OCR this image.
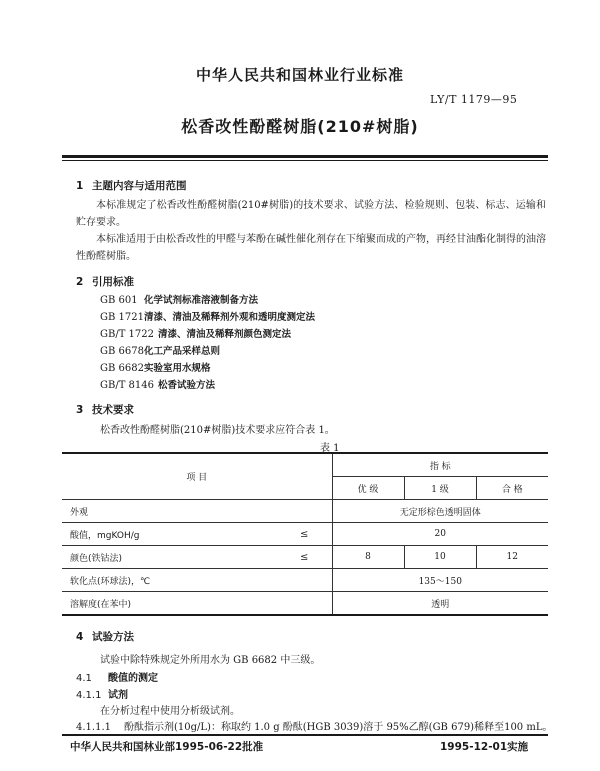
中华人民共和国林业行业标准
LY/T 1179—95
松香改性酚醛树脂(210#树脂)
1 主题内容与适用范围

本标准规定了松香改性酚醛树脂(210#树脂)的技术要求、试验方法、检验规则、包装、标志、运输和贮存要求。

本标准适用于由松香改性的甲醛与苯酚在碱性催化剂存在下缩聚而成的产物，再经甘油酯化制得的油溶性酚醛树脂。

2 引用标准
GB 601 化学试剂标准溶液制备方法
GB 1721清漆、清油及稀释剂外观和透明度测定法
GB/T 1722 清漆、清油及稀释剂颜色测定法
GB 6678化工产品采样总则
GB 6682实验室用水规格
GB/T 8146 松香试验方法
3 技术要求
松香改性酚醛树脂(210#树脂)技术要求应符合表 1。
表 1
项 目		指 标		
		优 级	1 级	合 格
外观		无定形棕色透明固体		
酸值，mgKOH/g	≤	20		
颜色(铁钴法)	≤	8	10	12
软化点(环球法)，℃		135～150		
溶解度(在苯中)		透明		
4 试验方法
试验中除特殊规定外所用水为 GB 6682 中三级。
4.1 酸值的测定
4.1.1 试剂
在分析过程中使用分析级试剂。
4.1.1.1 酚酞指示剂(10g/L)：称取约 1.0 g 酚酞(HGB 3039)溶于 95%乙醇(GB 679)稀释至100 mL。
中华人民共和国林业部1995-06-22批准	1995-12-01实施
